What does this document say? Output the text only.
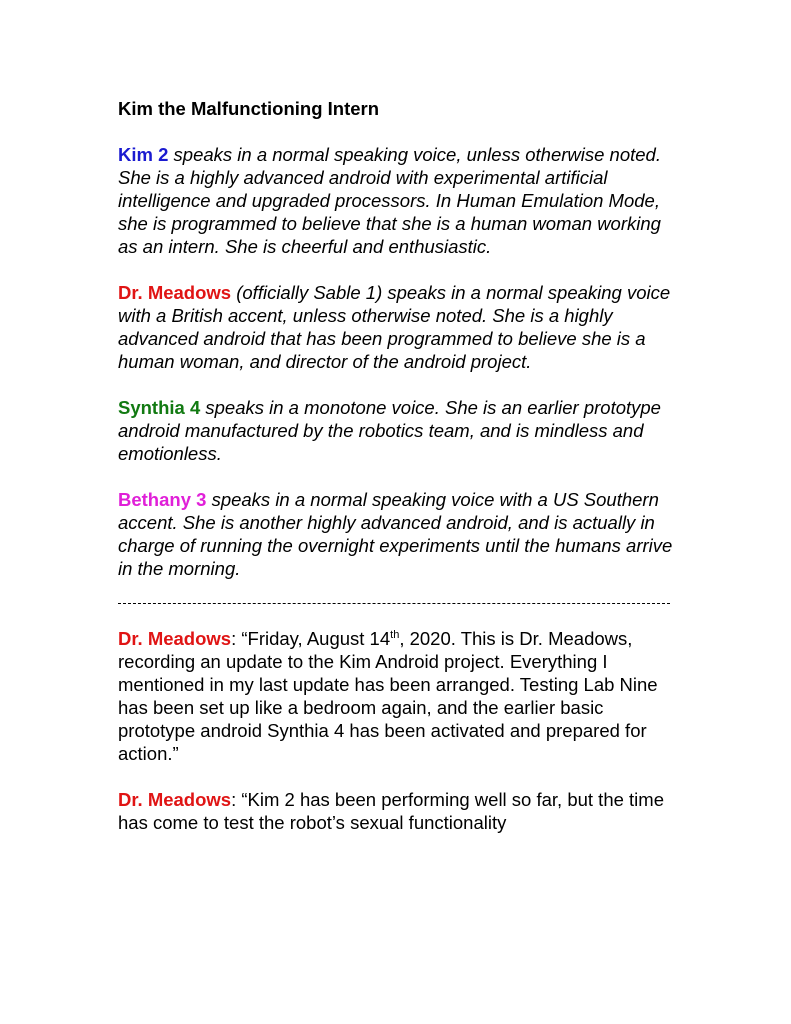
Kim the Malfunctioning Intern
Kim 2 speaks in a normal speaking voice, unless otherwise noted. She is a highly advanced android with experimental artificial intelligence and upgraded processors. In Human Emulation Mode, she is programmed to believe that she is a human woman working as an intern. She is cheerful and enthusiastic.
Dr. Meadows (officially Sable 1) speaks in a normal speaking voice with a British accent, unless otherwise noted. She is a highly advanced android that has been programmed to believe she is a human woman, and director of the android project.
Synthia 4 speaks in a monotone voice. She is an earlier prototype android manufactured by the robotics team, and is mindless and emotionless.
Bethany 3 speaks in a normal speaking voice with a US Southern accent. She is another highly advanced android, and is actually in charge of running the overnight experiments until the humans arrive in the morning.
Dr. Meadows: “Friday, August 14th, 2020. This is Dr. Meadows, recording an update to the Kim Android project. Everything I mentioned in my last update has been arranged. Testing Lab Nine has been set up like a bedroom again, and the earlier basic prototype android Synthia 4 has been activated and prepared for action.”
Dr. Meadows: “Kim 2 has been performing well so far, but the time has come to test the robot’s sexual functionality
